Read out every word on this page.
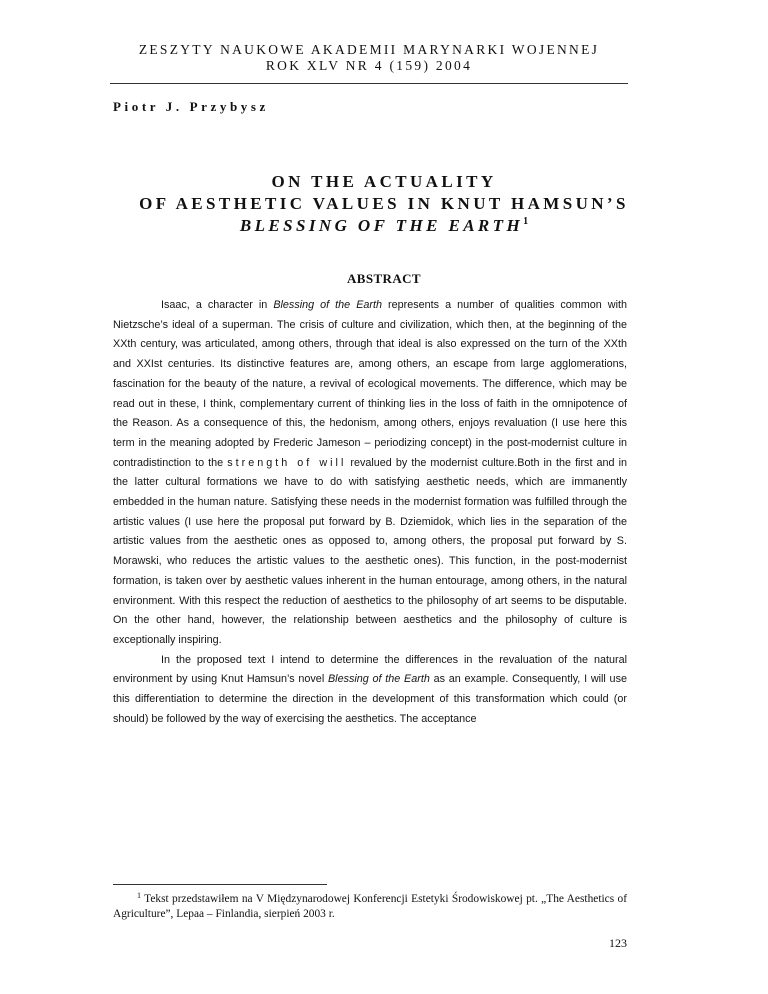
ZESZYTY NAUKOWE AKADEMII MARYNARKI WOJENNEJ
ROK XLV NR 4 (159) 2004
Piotr J. Przybysz
ON THE ACTUALITY
OF AESTHETIC VALUES IN KNUT HAMSUN’S
BLESSING OF THE EARTH$^1$
ABSTRACT

Isaac, a character in Blessing of the Earth represents a number of qualities common with Nietzsche’s ideal of a superman. The crisis of culture and civilization, which then, at the beginning of the XXth century, was articulated, among others, through that ideal is also expressed on the turn of the XXth and XXIst centuries. Its distinctive features are, among others, an escape from large agglomerations, fascination for the beauty of the nature, a revival of ecological movements. The difference, which may be read out in these, I think, complementary current of thinking lies in the loss of faith in the omnipotence of the Reason. As a consequence of this, the hedonism, among others, enjoys revaluation (I use here this term in the meaning adopted by Frederic Jameson – periodizing concept) in the post-modernist culture in contradistinction to the strength of will revalued by the modernist culture.Both in the first and in the latter cultural formations we have to do with satisfying aesthetic needs, which are immanently embedded in the human nature. Satisfying these needs in the modernist formation was fulfilled through the artistic values (I use here the proposal put forward by B. Dziemidok, which lies in the separation of the artistic values from the aesthetic ones as opposed to, among others, the proposal put forward by S. Morawski, who reduces the artistic values to the aesthetic ones). This function, in the post-modernist formation, is taken over by aesthetic values inherent in the human entourage, among others, in the natural environment. With this respect the reduction of aesthetics to the philosophy of art seems to be disputable. On the other hand, however, the relationship between aesthetics and the philosophy of culture is exceptionally inspiring.

In the proposed text I intend to determine the differences in the revaluation of the natural environment by using Knut Hamsun’s novel Blessing of the Earth as an example. Consequently, I will use this differentiation to determine the direction in the development of this transformation which could (or should) be followed by the way of exercising the aesthetics. The acceptance

$^1$ Tekst przedstawiłem na V Międzynarodowej Konferencji Estetyki Środowiskowej pt. „The Aesthetics of Agriculture”, Lepaa – Finlandia, sierpień 2003 r.
123
